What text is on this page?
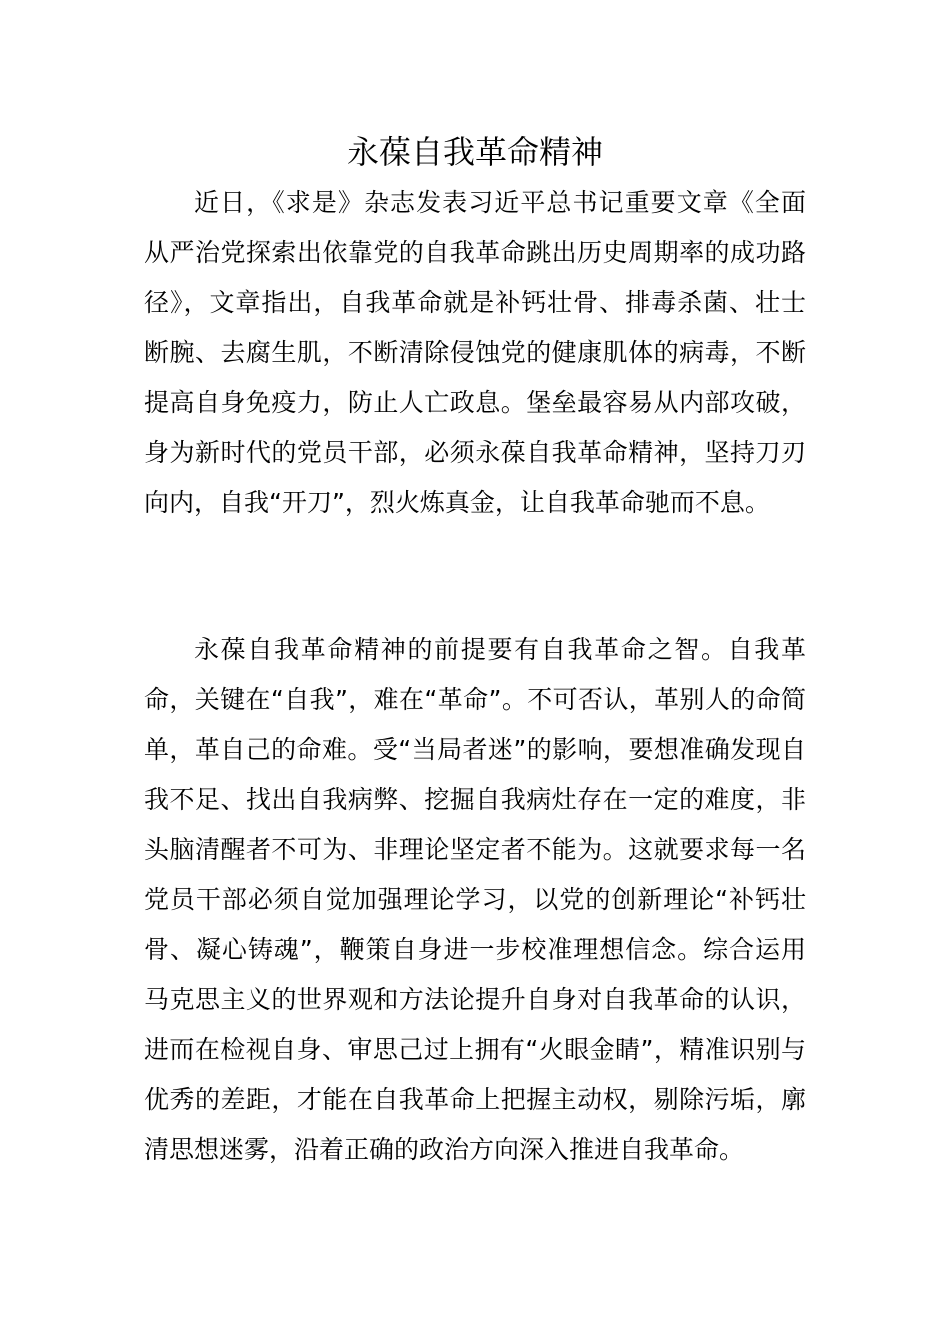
永葆自我革命精神

近日，《求是》杂志发表习近平总书记重要文章《全面从严治党探索出依靠党的自我革命跳出历史周期率的成功路径》，文章指出，自我革命就是补钙壮骨、排毒杀菌、壮士断腕、去腐生肌，不断清除侵蚀党的健康肌体的病毒，不断提高自身免疫力，防止人亡政息。堡垒最容易从内部攻破，身为新时代的党员干部，必须永葆自我革命精神，坚持刀刃向内，自我“开刀”，烈火炼真金，让自我革命驰而不息。

永葆自我革命精神的前提要有自我革命之智。自我革命，关键在“自我”，难在“革命”。不可否认，革别人的命简单，革自己的命难。受“当局者迷”的影响，要想准确发现自我不足、找出自我病弊、挖掘自我病灶存在一定的难度，非头脑清醒者不可为、非理论坚定者不能为。这就要求每一名党员干部必须自觉加强理论学习，以党的创新理论“补钙壮骨、凝心铸魂”，鞭策自身进一步校准理想信念。综合运用马克思主义的世界观和方法论提升自身对自我革命的认识，进而在检视自身、审思己过上拥有“火眼金睛”，精准识别与优秀的差距，才能在自我革命上把握主动权，剔除污垢，廓清思想迷雾，沿着正确的政治方向深入推进自我革命。
